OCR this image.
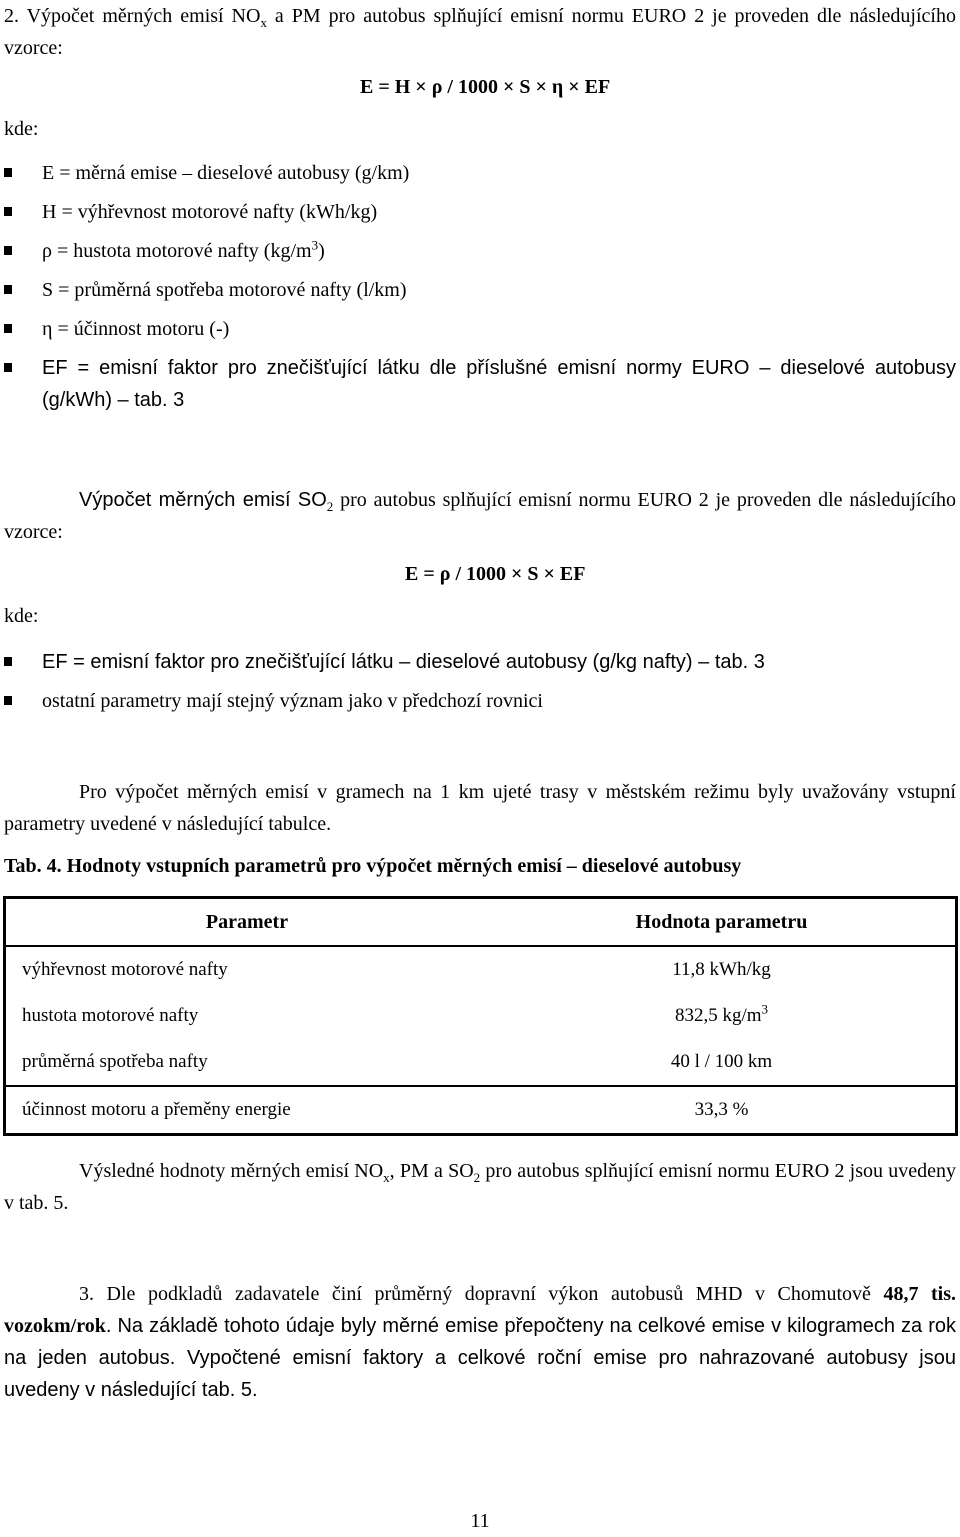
2. Výpočet měrných emisí $NO_x$ a PM pro autobus splňující emisní normu EURO 2 je proveden dle následujícího vzorce:
E = H × ρ / 1000 × S × η × EF
kde:
E = měrná emise – dieselové autobusy (g/km)
H = výhřevnost motorové nafty (kWh/kg)
ρ = hustota motorové nafty $(kg/m^3)$
S = průměrná spotřeba motorové nafty (l/km)
η = účinnost motoru (-)
EF = emisní faktor pro znečišťující látku dle příslušné emisní normy EURO – dieselové autobusy (g/kWh) – tab. 3
Výpočet měrných emisí $SO_2$ pro autobus splňující emisní normu EURO 2 je proveden dle následujícího vzorce:
E = ρ / 1000 × S × EF
kde:
EF = emisní faktor pro znečišťující látku – dieselové autobusy (g/kg nafty) – tab. 3
ostatní parametry mají stejný význam jako v předchozí rovnici
Pro výpočet měrných emisí v gramech na 1 km ujeté trasy v městském režimu byly uvažovány vstupní parametry uvedené v následující tabulce.
Tab. 4. Hodnoty vstupních parametrů pro výpočet měrných emisí – dieselové autobusy
Parametr	Hodnota parametru
výhřevnost motorové nafty	11,8 kWh/kg
hustota motorové nafty	832,5 $kg/m^3$
průměrná spotřeba nafty	40 l / 100 km
účinnost motoru a přeměny energie	33,3 %
Výsledné hodnoty měrných emisí $NO_x$, PM a $SO_2$ pro autobus splňující emisní normu EURO 2 jsou uvedeny v tab. 5.
3. Dle podkladů zadavatele činí průměrný dopravní výkon autobusů MHD v Chomutově 48,7 tis. vozokm/rok. Na základě tohoto údaje byly měrné emise přepočteny na celkové emise v kilogramech za rok na jeden autobus. Vypočtené emisní faktory a celkové roční emise pro nahrazované autobusy jsou uvedeny v následující tab. 5.
11
